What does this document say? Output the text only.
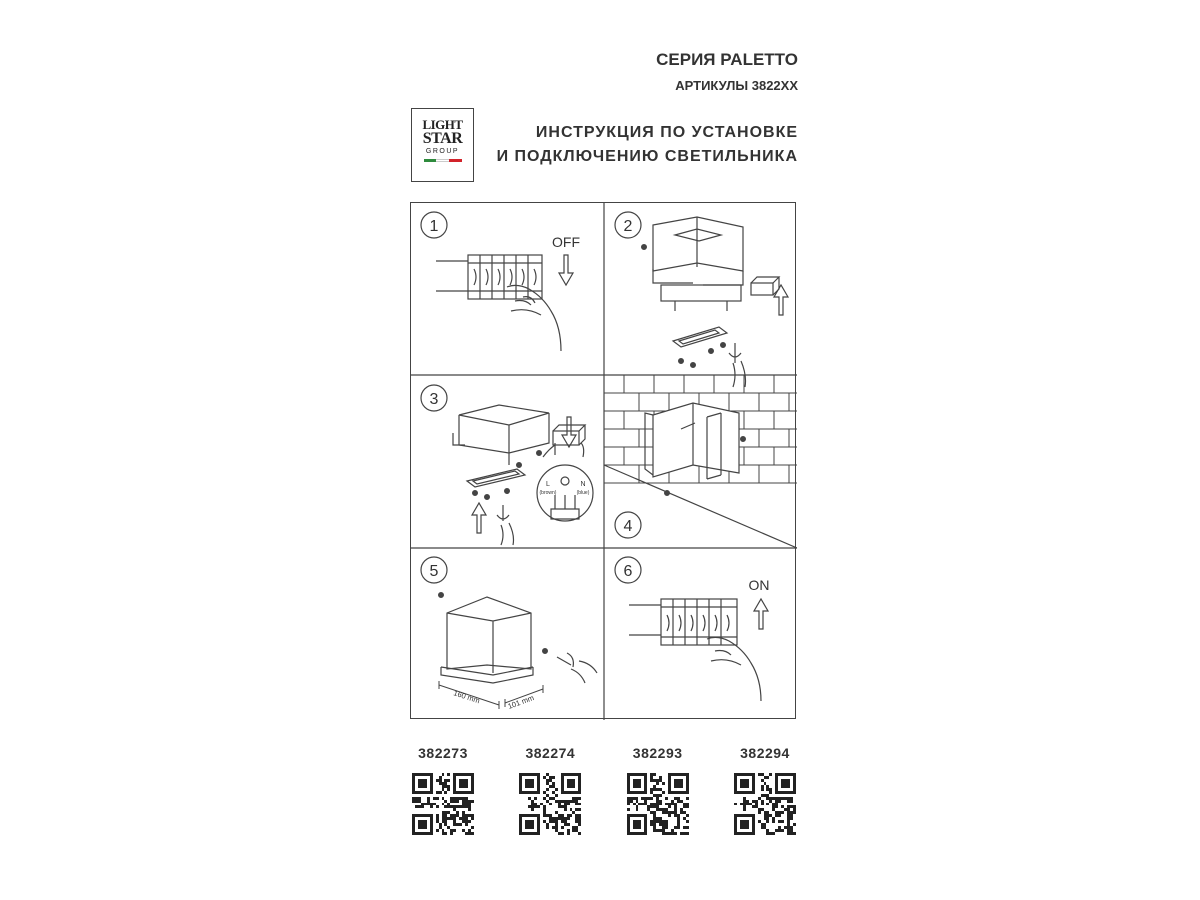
СЕРИЯ PALETTO
АРТИКУЛЫ 3822XX
LIGHT
STAR
GROUP
ИНСТРУКЦИЯ ПО УСТАНОВКЕ
И ПОДКЛЮЧЕНИЮ СВЕТИЛЬНИКА
1
OFF
2
3
L
(brown)
N
(blue)
4
5
160 mm	101 mm
6
ON
382273	382274	382293	382294
